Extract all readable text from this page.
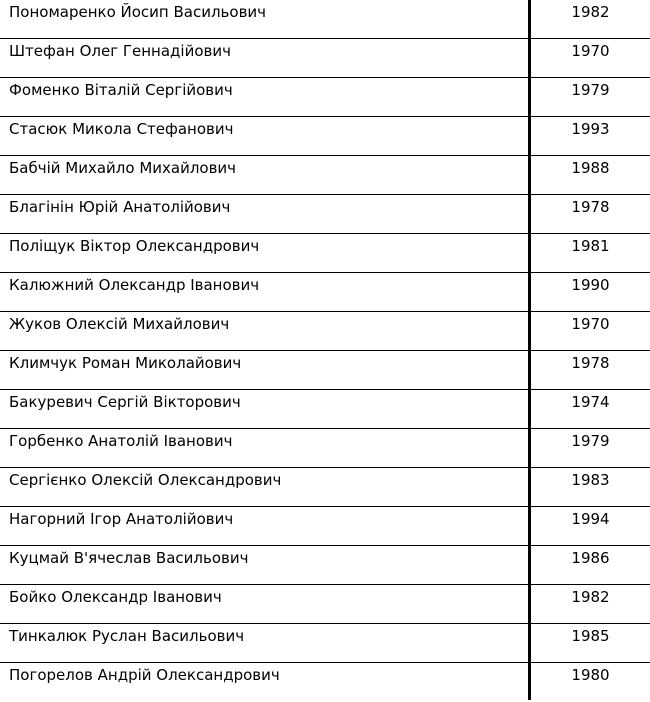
Пономаренко Йосип Васильович	1982
Штефан Олег Геннадійович	1970
Фоменко Віталій Сергійович	1979
Стасюк Микола Стефанович	1993
Бабчій Михайло Михайлович	1988
Благінін Юрій Анатолійович	1978
Поліщук Віктор Олександрович	1981
Калюжний Олександр Іванович	1990
Жуков Олексій Михайлович	1970
Климчук Роман Миколайович	1978
Бакуревич Сергій Вікторович	1974
Горбенко Анатолій Іванович	1979
Сергієнко Олексій Олександрович	1983
Нагорний Ігор Анатолійович	1994
Куцмай В'ячеслав Васильович	1986
Бойко Олександр Іванович	1982
Тинкалюк Руслан Васильович	1985
Погорелов Андрій Олександрович	1980
